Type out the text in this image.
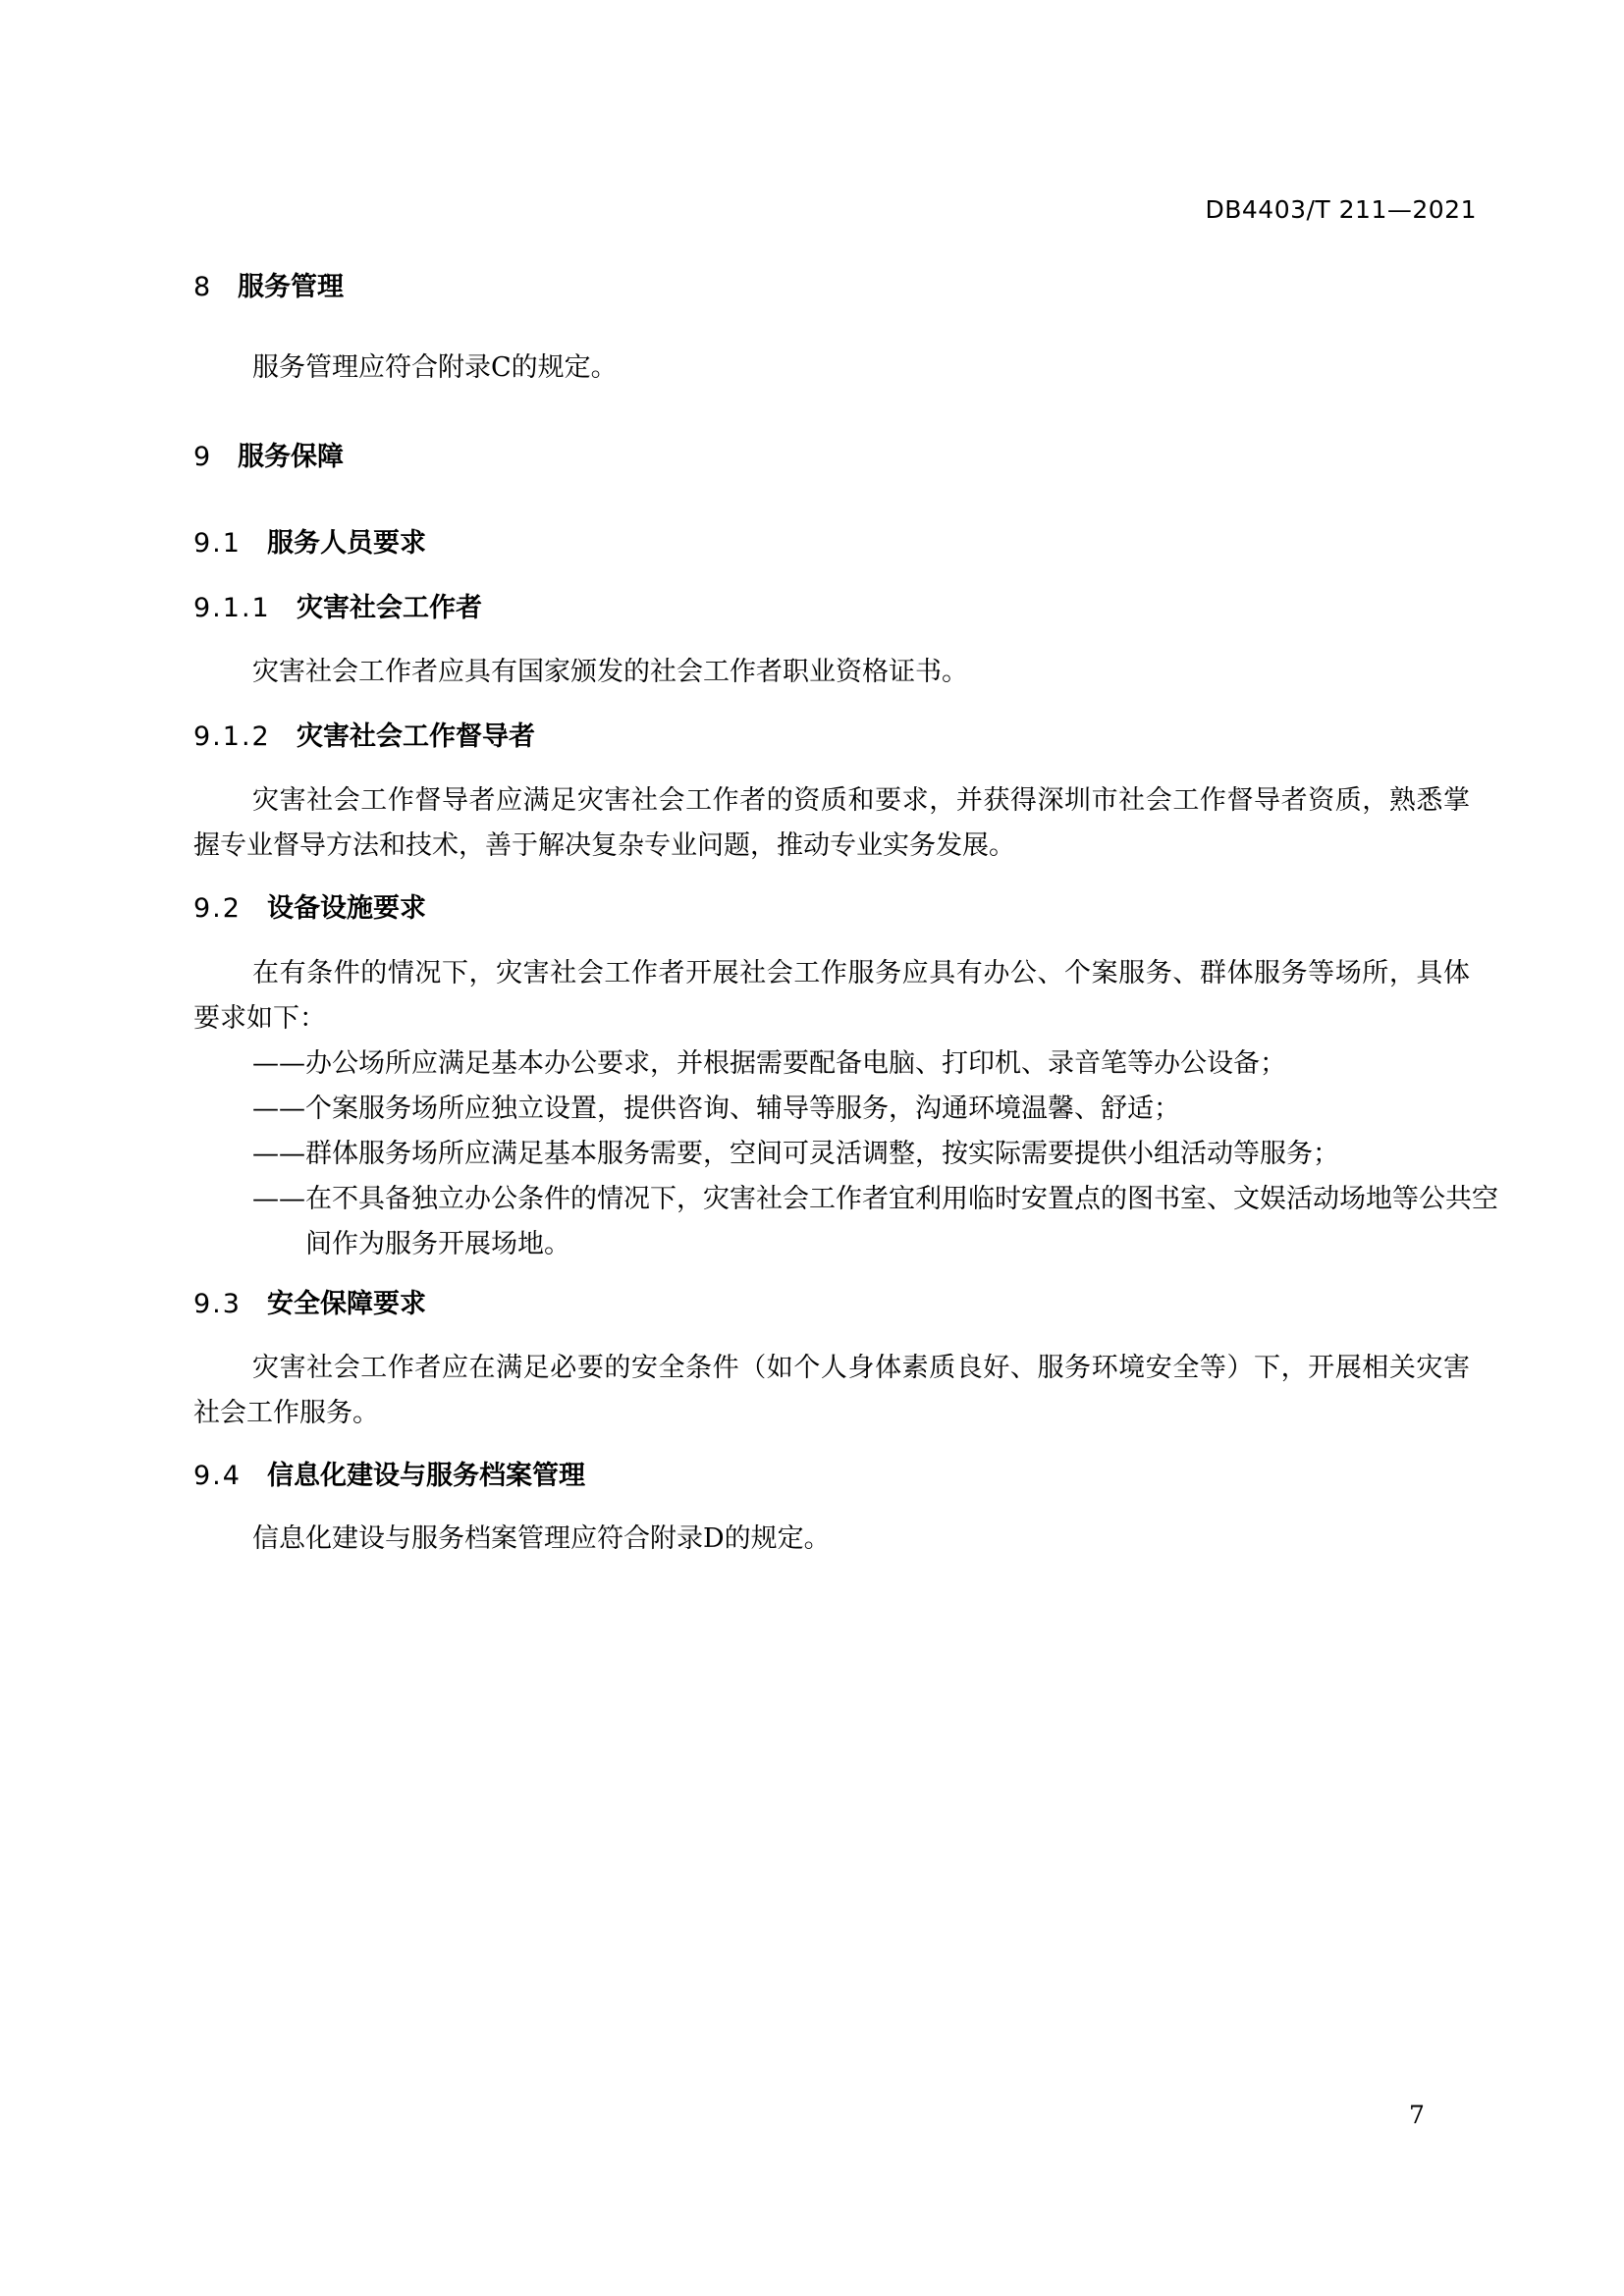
DB4403/T 211—2021
8 服务管理
服务管理应符合附录C的规定。
9 服务保障
9.1 服务人员要求
9.1.1 灾害社会工作者
灾害社会工作者应具有国家颁发的社会工作者职业资格证书。
9.1.2 灾害社会工作督导者
灾害社会工作督导者应满足灾害社会工作者的资质和要求，并获得深圳市社会工作督导者资质，熟悉掌握专业督导方法和技术，善于解决复杂专业问题，推动专业实务发展。
9.2 设备设施要求
在有条件的情况下，灾害社会工作者开展社会工作服务应具有办公、个案服务、群体服务等场所，具体要求如下：
——办公场所应满足基本办公要求，并根据需要配备电脑、打印机、录音笔等办公设备；
——个案服务场所应独立设置，提供咨询、辅导等服务，沟通环境温馨、舒适；
——群体服务场所应满足基本服务需要，空间可灵活调整，按实际需要提供小组活动等服务；
——在不具备独立办公条件的情况下，灾害社会工作者宜利用临时安置点的图书室、文娱活动场地等公共空间作为服务开展场地。
9.3 安全保障要求
灾害社会工作者应在满足必要的安全条件（如个人身体素质良好、服务环境安全等）下，开展相关灾害社会工作服务。
9.4 信息化建设与服务档案管理
信息化建设与服务档案管理应符合附录D的规定。
7
